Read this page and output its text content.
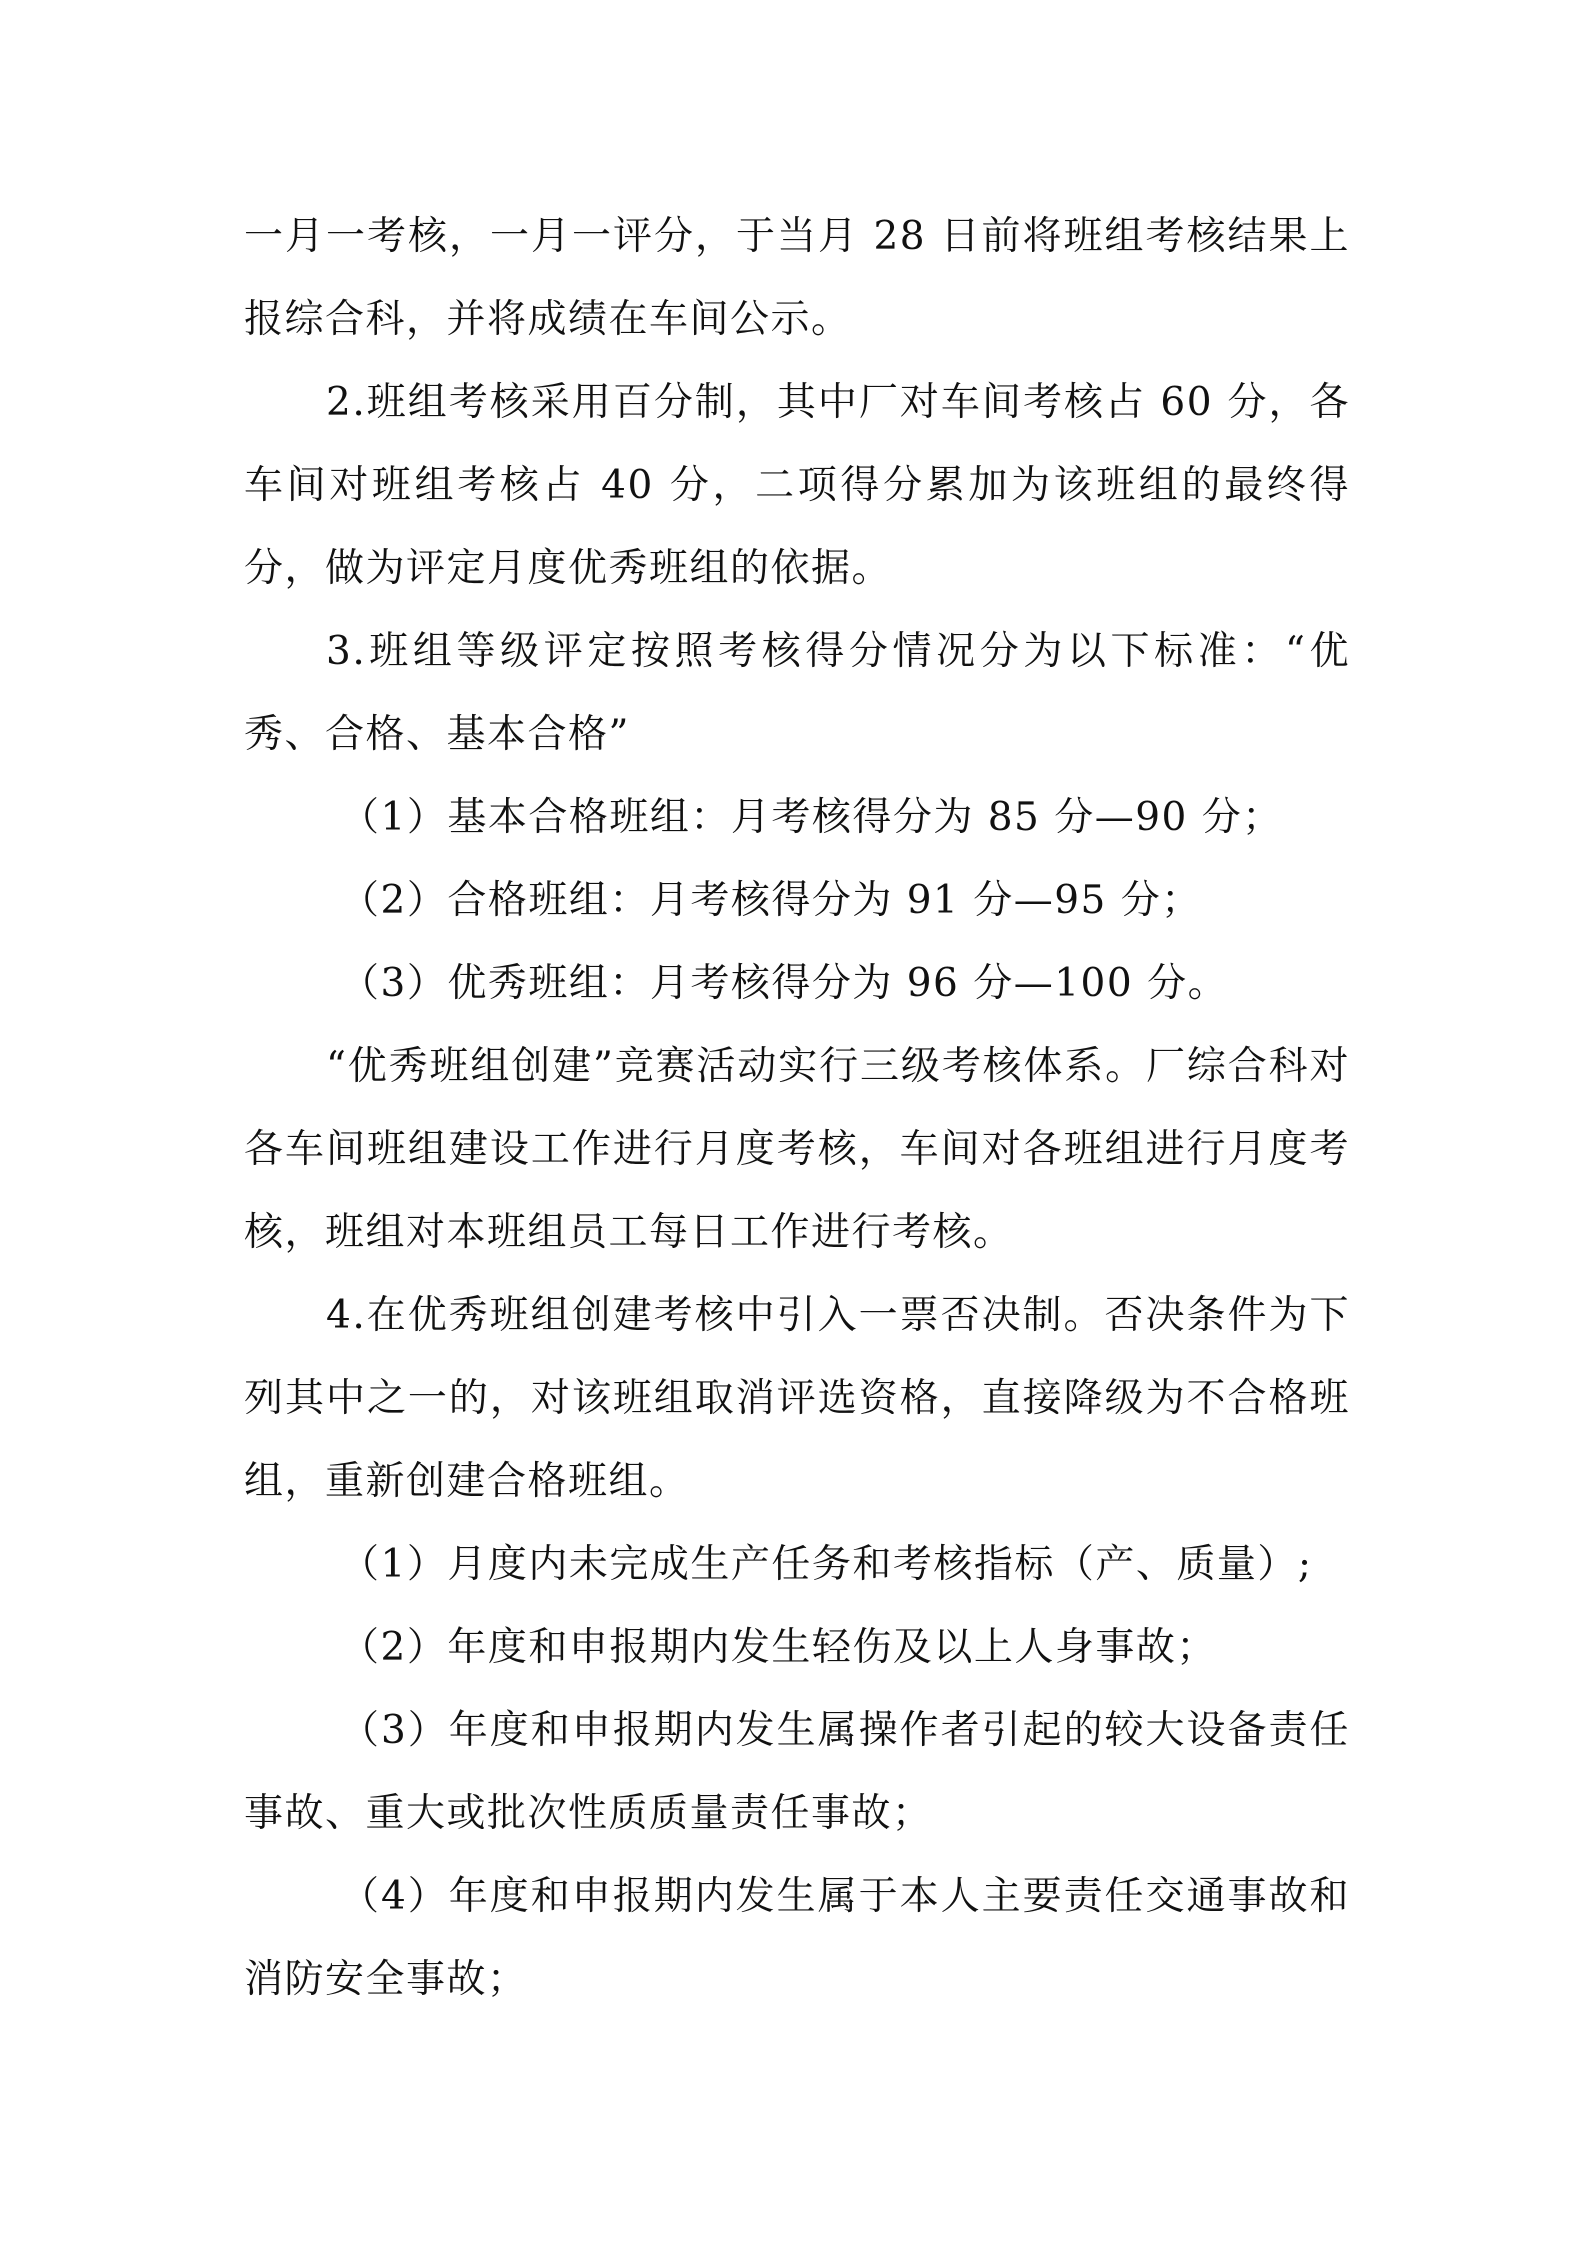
一月一考核，一月一评分，于当月 28 日前将班组考核结果上报综合科，并将成绩在车间公示。

2.班组考核采用百分制，其中厂对车间考核占 60 分，各车间对班组考核占 40 分，二项得分累加为该班组的最终得分，做为评定月度优秀班组的依据。

3.班组等级评定按照考核得分情况分为以下标准：“优秀、合格、基本合格”

（1）基本合格班组：月考核得分为 85 分—90 分；

（2）合格班组：月考核得分为 91 分—95 分；

（3）优秀班组：月考核得分为 96 分—100 分。

“优秀班组创建”竞赛活动实行三级考核体系。厂综合科对各车间班组建设工作进行月度考核，车间对各班组进行月度考核，班组对本班组员工每日工作进行考核。

4.在优秀班组创建考核中引入一票否决制。否决条件为下列其中之一的，对该班组取消评选资格，直接降级为不合格班组，重新创建合格班组。

（1）月度内未完成生产任务和考核指标（产、质量）;

（2）年度和申报期内发生轻伤及以上人身事故；

（3）年度和申报期内发生属操作者引起的较大设备责任事故、重大或批次性质质量责任事故；

（4）年度和申报期内发生属于本人主要责任交通事故和消防安全事故；
